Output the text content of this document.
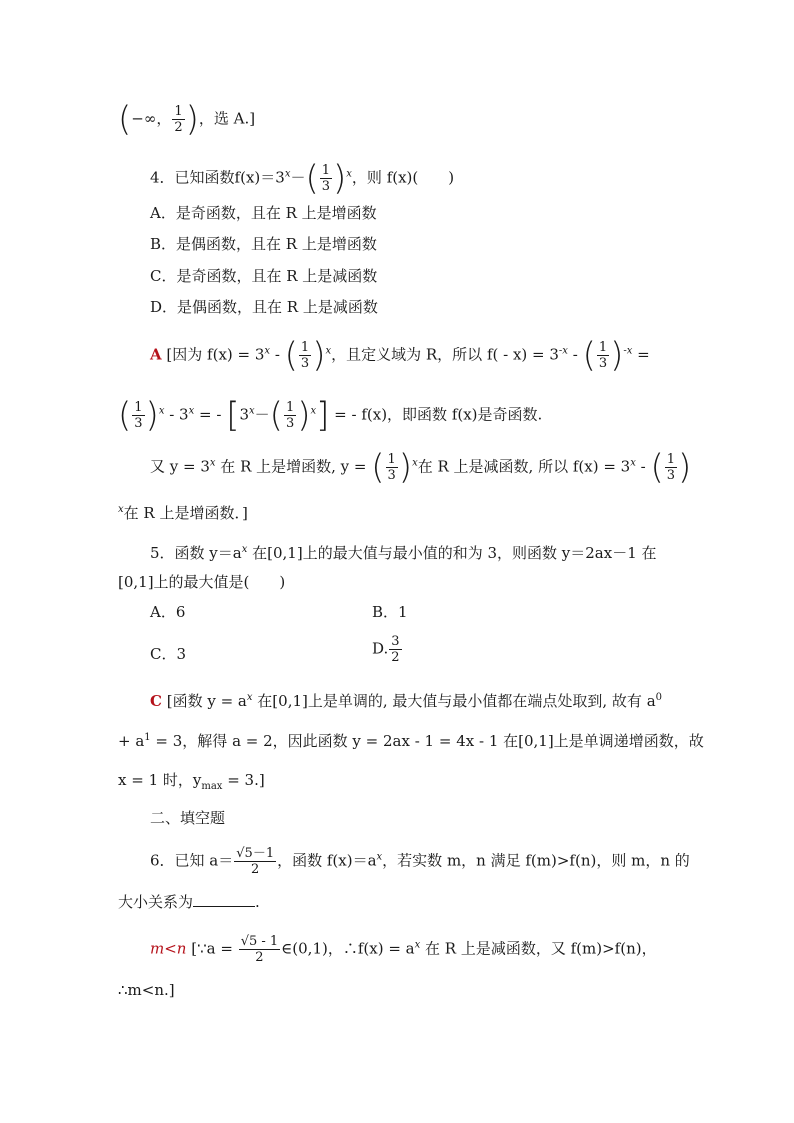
(−∞， $\frac{1}{2}$ )，选 A.]
4．已知函数$f(x)=3^x-( \frac{1}{3} )^x$，则 f(x)(　　)
A．是奇函数，且在 R 上是增函数
B．是偶函数，且在 R 上是增函数
C．是奇函数，且在 R 上是减函数
D．是偶函数，且在 R 上是减函数
A [因为 $f(x) = 3^x$ - ( $\frac{1}{3} )^x$，且定义域为 R，所以 $f( - x) = 3^{-x}$ - ( $\frac{1}{3} )^{-x}$ =
( $\frac{1}{3} )^x - 3^x$ = - $[3^x-( \frac{1}{3} )^x]$ = - f(x)，即函数 f(x)是奇函数.
又 $y = 3^x$ 在 R 上是增函数, y = ( $\frac{1}{3} )^x$在 R 上是减函数, 所以 $f(x) = 3^x$ - ( $\frac{1}{3}$ )
$^x$在 R 上是增函数．]
5．函数 $y=a^x$ 在[0,1]上的最大值与最小值的和为 3，则函数 y＝2ax－1 在
[0,1]上的最大值是(　　)
A．6	B．1
C．3	D. $\frac{3}{2}$
C [函数 $y = a^x$ 在[0,1]上是单调的, 最大值与最小值都在端点处取到, 故有 $a^0$
+ $a^1 = 3$，解得 a = 2，因此函数 y = 2ax - 1 = 4x - 1 在[0,1]上是单调递增函数，故
x = 1 时，$y_{max} = 3$.]
二、填空题
6．已知 $a= \frac{√5-1}{2}$ ，函数 $f(x)=a^x$，若实数 m，n 满足 f(m)>f(n)，则 m，n 的
大小关系为	.
m<n [∵a = $\frac{√5 - 1}{2}$ ∈(0,1)，∴f(x) = $a^x$ 在 R 上是减函数，又 f(m)>f(n)，
∴m<n.]
